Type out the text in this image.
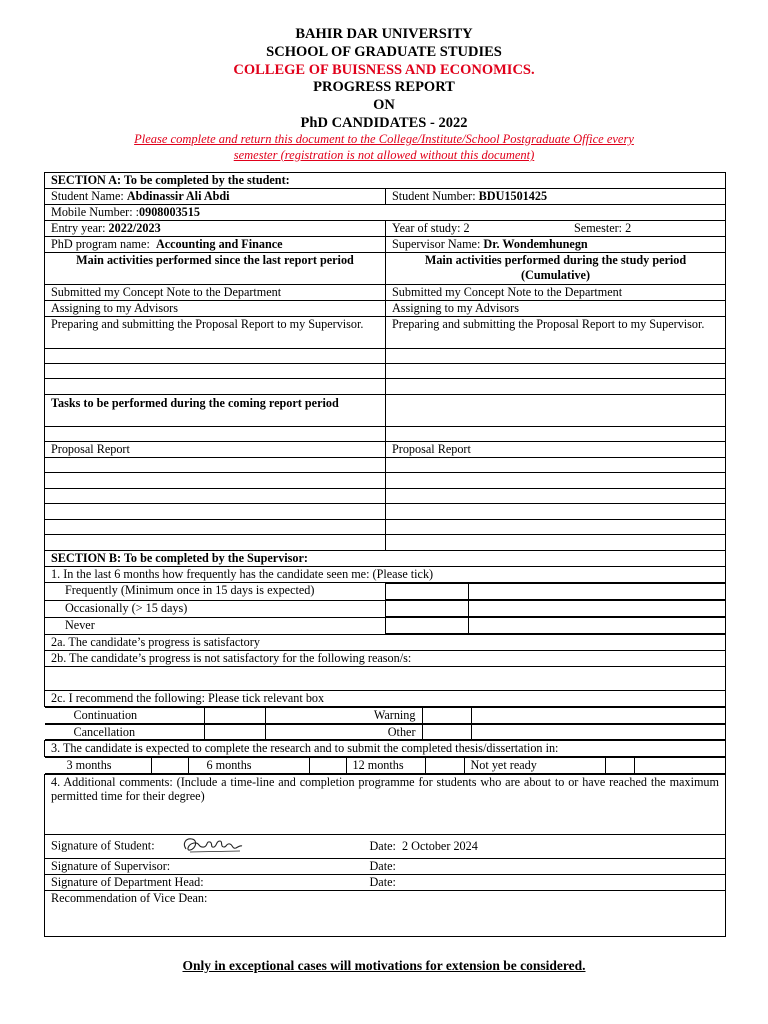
BAHIR DAR UNIVERSITY
SCHOOL OF GRADUATE STUDIES
COLLEGE OF BUISNESS AND ECONOMICS.
PROGRESS REPORT
ON
PhD CANDIDATES - 2022
Please complete and return this document to the College/Institute/School Postgraduate Office every
semester (registration is not allowed without this document)
SECTION A: To be completed by the student:
Student Name: Abdinassir Ali Abdi	Student Number: BDU1501425
Mobile Number: :0908003515
Entry year: 2022/2023	Year of study: 2	Semester: 2
PhD program name: Accounting and Finance	Supervisor Name: Dr. Wondemhunegn
Main activities performed since the last report period	Main activities performed during the study period
(Cumulative)
Submitted my Concept Note to the Department	Submitted my Concept Note to the Department
Assigning to my Advisors	Assigning to my Advisors
Preparing and submitting the Proposal Report to my Supervisor.	Preparing and submitting the Proposal Report to my Supervisor.

Tasks to be performed during the coming report period	

Proposal Report	Proposal Report

SECTION B: To be completed by the Supervisor:
1. In the last 6 months how frequently has the candidate seen me: (Please tick)
Frequently (Minimum once in 15 days is expected)	

Occasionally (> 15 days)	

Never	

2a. The candidate’s progress is satisfactory
2b. The candidate’s progress is not satisfactory for the following reason/s:

2c. I recommend the following: Please tick relevant box

Continuation		Warning		

Cancellation		Other		

3. The candidate is expected to complete the research and to submit the completed thesis/dissertation in:

3 months		6 months		12 months		Not yet ready		

4. Additional comments: (Include a time-line and completion programme for students who are about to or have reached the maximum permitted time for their degree)
Signature of Student:	Date: 2 October 2024
Signature of Supervisor:	Date:
Signature of Department Head:	Date:
Recommendation of Vice Dean:
Only in exceptional cases will motivations for extension be considered.
